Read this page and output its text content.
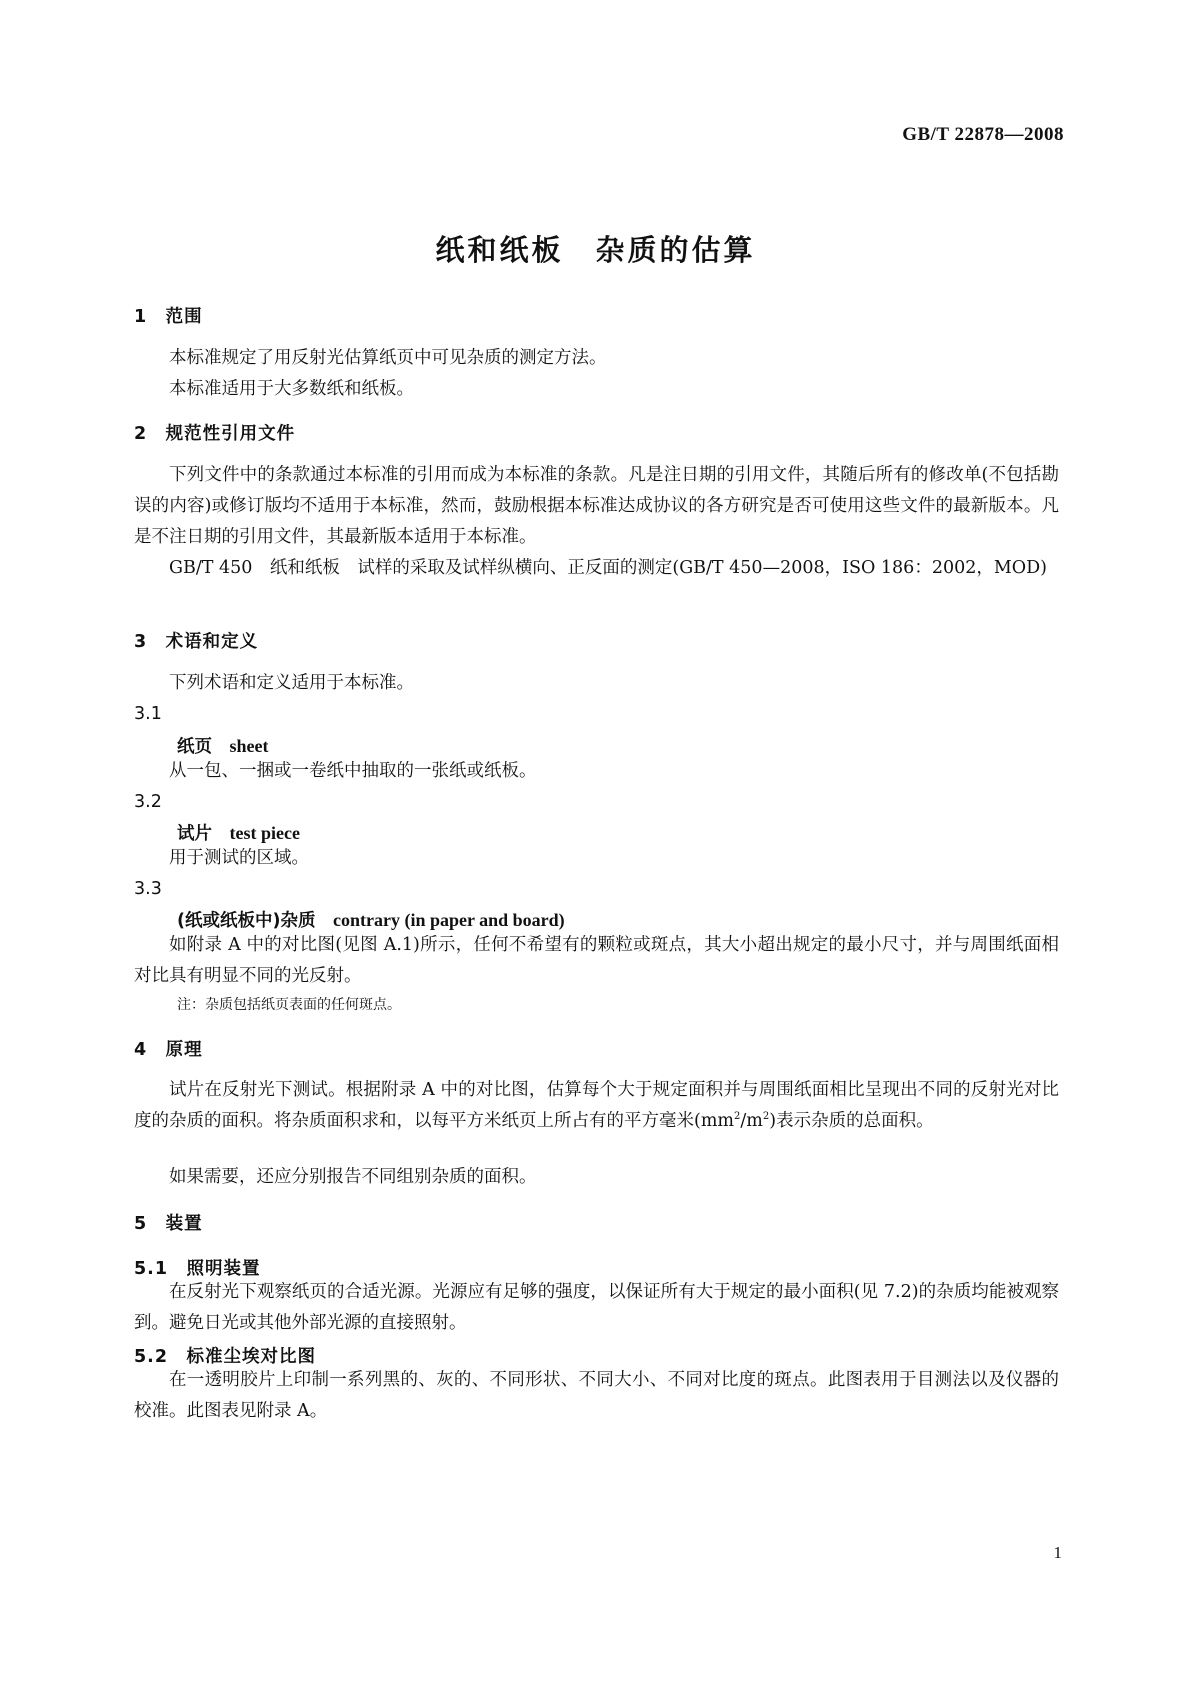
GB/T 22878—2008
纸和纸板　杂质的估算
1　范围
本标准规定了用反射光估算纸页中可见杂质的测定方法。
本标准适用于大多数纸和纸板。
2　规范性引用文件
下列文件中的条款通过本标准的引用而成为本标准的条款。凡是注日期的引用文件，其随后所有的修改单(不包括勘误的内容)或修订版均不适用于本标准，然而，鼓励根据本标准达成协议的各方研究是否可使用这些文件的最新版本。凡是不注日期的引用文件，其最新版本适用于本标准。
GB/T 450　纸和纸板　试样的采取及试样纵横向、正反面的测定(GB/T 450—2008，ISO 186：2002，MOD)
3　术语和定义
下列术语和定义适用于本标准。
3.1
纸页　 sheet
从一包、一捆或一卷纸中抽取的一张纸或纸板。
3.2
试片　 test piece
用于测试的区域。
3.3
(纸或纸板中)杂质　 contrary (in paper and board)
如附录 A 中的对比图(见图 A.1)所示，任何不希望有的颗粒或斑点，其大小超出规定的最小尺寸，并与周围纸面相对比具有明显不同的光反射。
注：杂质包括纸页表面的任何斑点。
4　原理
试片在反射光下测试。根据附录 A 中的对比图，估算每个大于规定面积并与周围纸面相比呈现出不同的反射光对比度的杂质的面积。将杂质面积求和，以每平方米纸页上所占有的平方毫米$(mm^2/m^2)$表示杂质的总面积。
如果需要，还应分别报告不同组别杂质的面积。
5　装置
5.1　照明装置
在反射光下观察纸页的合适光源。光源应有足够的强度，以保证所有大于规定的最小面积(见 7.2)的杂质均能被观察到。避免日光或其他外部光源的直接照射。
5.2　标准尘埃对比图
在一透明胶片上印制一系列黑的、灰的、不同形状、不同大小、不同对比度的斑点。此图表用于目测法以及仪器的校准。此图表见附录 A。
1
